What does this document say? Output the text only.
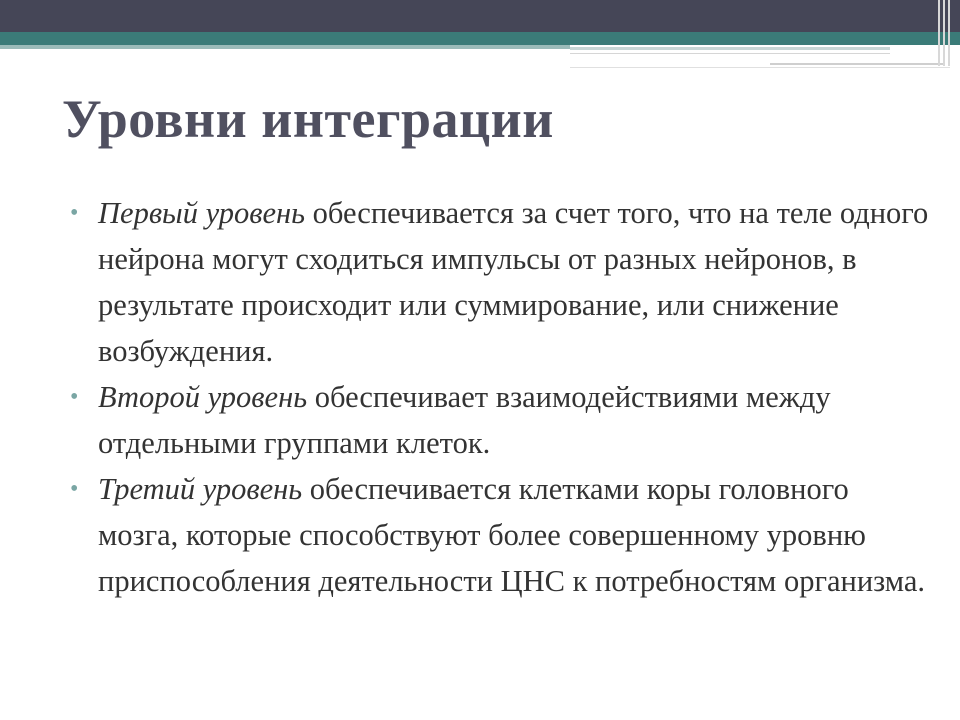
Уровни интеграции
• Первый уровень обеспечивается за счет того, что на теле одного нейрона могут сходиться импульсы от разных нейронов, в результате происходит или суммирование, или снижение возбуждения.
• Второй уровень обеспечивает взаимодействиями между отдельными группами клеток.
• Третий уровень обеспечивается клетками коры головного мозга, которые способствуют более совершенному уровню приспособления деятельности ЦНС к потребностям организма.
